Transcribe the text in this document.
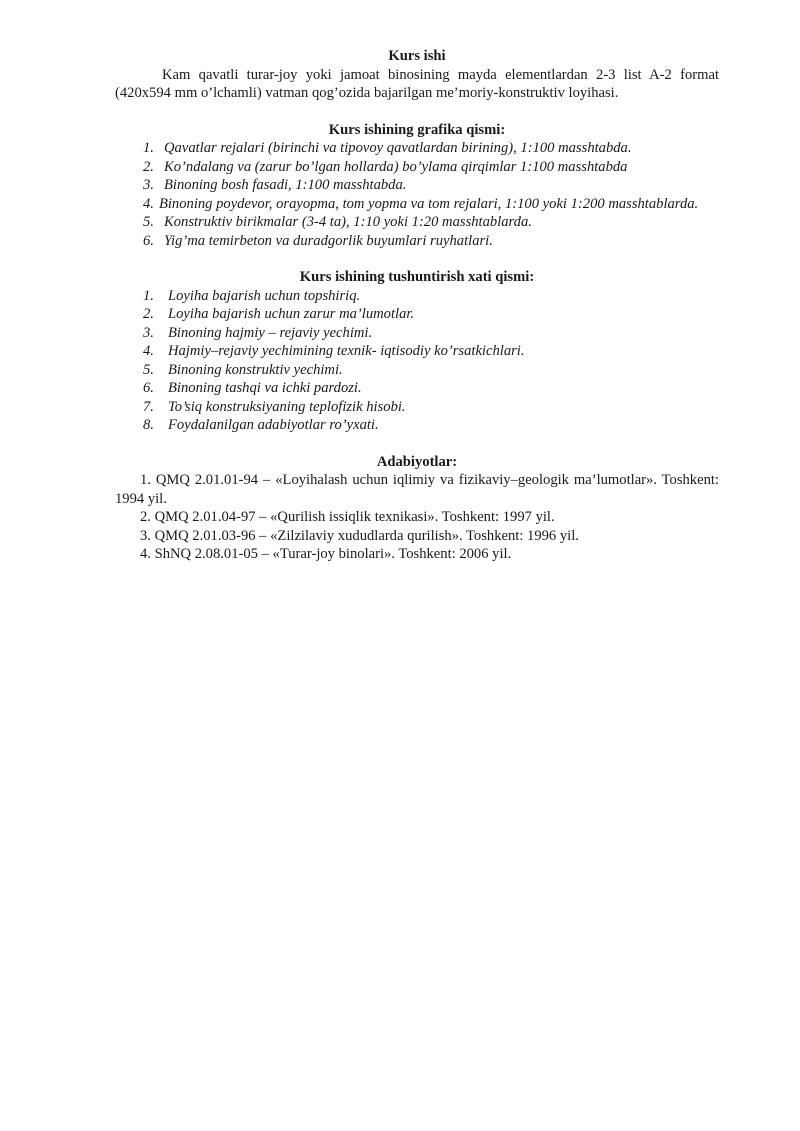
Kurs ishi

Kam qavatli turar-joy yoki jamoat binosining mayda elementlardan 2-3 list A-2 format (420x594 mm o’lchamli) vatman qog’ozida bajarilgan me’moriy-konstruktiv loyihasi.

Kurs ishining grafika qismi:

1. Qavatlar rejalari (birinchi va tipovoy qavatlardan birining), 1:100 masshtabda.
2. Ko’ndalang va (zarur bo’lgan hollarda) bo’ylama qirqimlar 1:100 masshtabda
3. Binoning bosh fasadi, 1:100 masshtabda.
4. Binoning poydevor, orayopma, tom yopma va tom rejalari, 1:100 yoki 1:200 masshtablarda.
5. Konstruktiv birikmalar (3-4 ta), 1:10 yoki 1:20 masshtablarda.
6. Yig’ma temirbeton va duradgorlik buyumlari ruyhatlari.

Kurs ishining tushuntirish xati qismi:

1. Loyiha bajarish uchun topshiriq.
2. Loyiha bajarish uchun zarur ma’lumotlar.
3. Binoning hajmiy – rejaviy yechimi.
4. Hajmiy–rejaviy yechimining texnik- iqtisodiy ko’rsatkichlari.
5. Binoning konstruktiv yechimi.
6. Binoning tashqi va ichki pardozi.
7. To’siq konstruksiyaning teplofizik hisobi.
8. Foydalanilgan adabiyotlar ro’yxati.

Adabiyotlar:

1. QMQ 2.01.01-94 – «Loyihalash uchun iqlimiy va fizikaviy–geologik ma’lumotlar». Toshkent: 1994 yil.

2. QMQ 2.01.04-97 – «Qurilish issiqlik texnikasi». Toshkent: 1997 yil.

3. QMQ 2.01.03-96 – «Zilzilaviy xududlarda qurilish». Toshkent: 1996 yil.

4. ShNQ 2.08.01-05 – «Turar-joy binolari». Toshkent: 2006 yil.
